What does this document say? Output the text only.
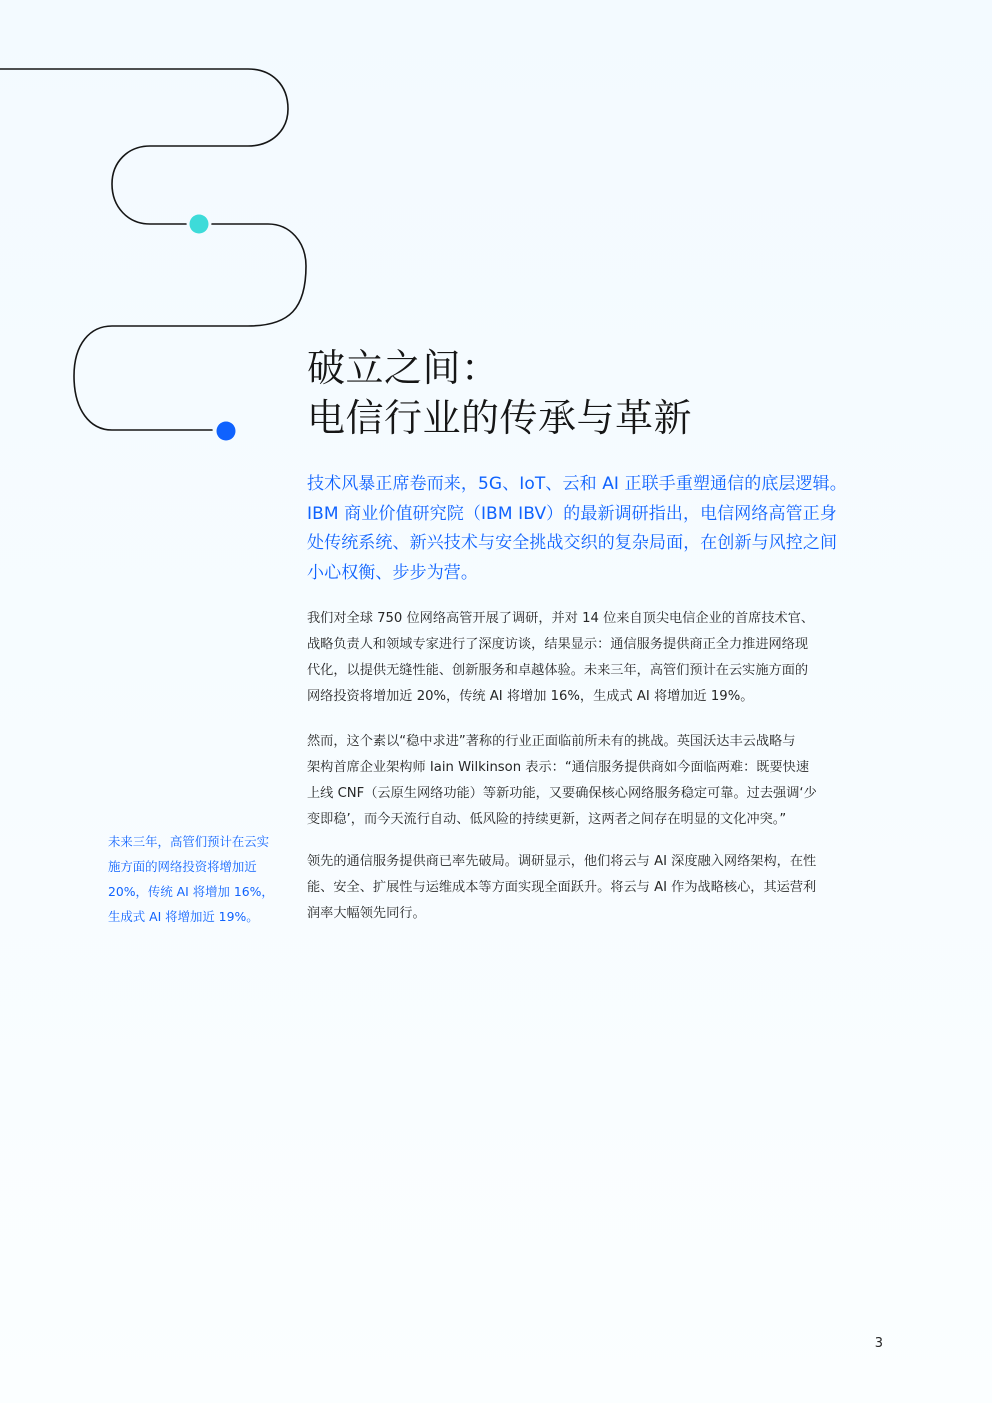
破立之间：
电信行业的传承与革新

技术风暴正席卷而来，5G、IoT、云和 AI 正联手重塑通信的底层逻辑。
IBM 商业价值研究院（IBM IBV）的最新调研指出，电信网络高管正身
处传统系统、新兴技术与安全挑战交织的复杂局面，在创新与风控之间
小心权衡、步步为营。

我们对全球 750 位网络高管开展了调研，并对 14 位来自顶尖电信企业的首席技术官、
战略负责人和领域专家进行了深度访谈，结果显示：通信服务提供商正全力推进网络现
代化，以提供无缝性能、创新服务和卓越体验。未来三年，高管们预计在云实施方面的
网络投资将增加近 20%，传统 AI 将增加 16%，生成式 AI 将增加近 19%。

然而，这个素以“稳中求进”著称的行业正面临前所未有的挑战。英国沃达丰云战略与
架构首席企业架构师 Iain Wilkinson 表示：“通信服务提供商如今面临两难：既要快速
上线 CNF（云原生网络功能）等新功能，又要确保核心网络服务稳定可靠。过去强调‘少
变即稳’，而今天流行自动、低风险的持续更新，这两者之间存在明显的文化冲突。”

未来三年，高管们预计在云实
施方面的网络投资将增加近
20%，传统 AI 将增加 16%，
生成式 AI 将增加近 19%。

领先的通信服务提供商已率先破局。调研显示，他们将云与 AI 深度融入网络架构，在性
能、安全、扩展性与运维成本等方面实现全面跃升。将云与 AI 作为战略核心，其运营利
润率大幅领先同行。

3
